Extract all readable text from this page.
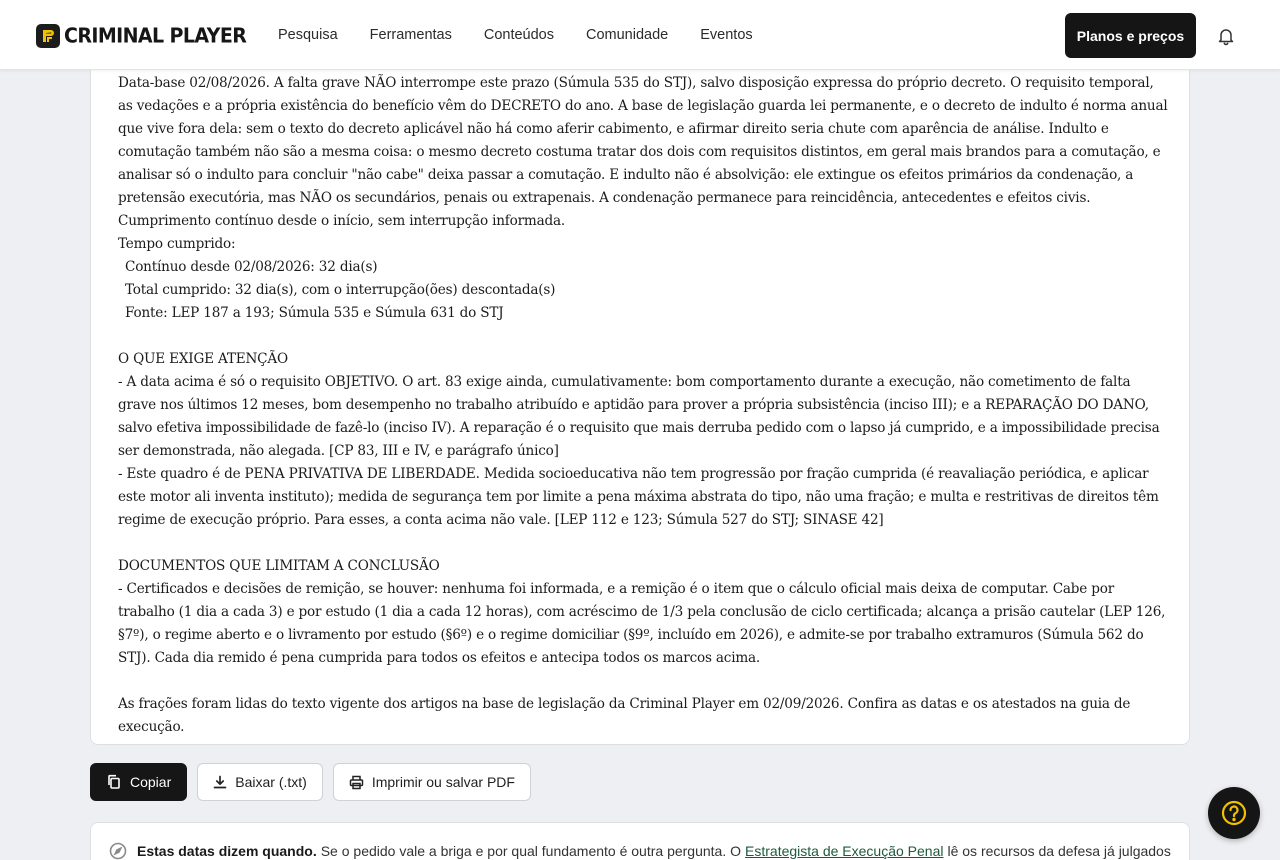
CRIMINAL PLAYER Pesquisa Ferramentas Conteúdos Comunidade Eventos	Planos e preços
Data-base 02/08/2026. A falta grave NÃO interrompe este prazo (Súmula 535 do STJ), salvo disposição expressa do próprio decreto. O requisito temporal, as vedações e a própria existência do benefício vêm do DECRETO do ano. A base de legislação guarda lei permanente, e o decreto de indulto é norma anual que vive fora dela: sem o texto do decreto aplicável não há como aferir cabimento, e afirmar direito seria chute com aparência de análise. Indulto e comutação também não são a mesma coisa: o mesmo decreto costuma tratar dos dois com requisitos distintos, em geral mais brandos para a comutação, e analisar só o indulto para concluir "não cabe" deixa passar a comutação. E indulto não é absolvição: ele extingue os efeitos primários da condenação, a pretensão executória, mas NÃO os secundários, penais ou extrapenais. A condenação permanece para reincidência, antecedentes e efeitos civis.
Cumprimento contínuo desde o início, sem interrupção informada.
Tempo cumprido:
Contínuo desde 02/08/2026: 32 dia(s)
Total cumprido: 32 dia(s), com o interrupção(ões) descontada(s)
Fonte: LEP 187 a 193; Súmula 535 e Súmula 631 do STJ
O QUE EXIGE ATENÇÃO
- A data acima é só o requisito OBJETIVO. O art. 83 exige ainda, cumulativamente: bom comportamento durante a execução, não cometimento de falta grave nos últimos 12 meses, bom desempenho no trabalho atribuído e aptidão para prover a própria subsistência (inciso III); e a REPARAÇÃO DO DANO, salvo efetiva impossibilidade de fazê-lo (inciso IV). A reparação é o requisito que mais derruba pedido com o lapso já cumprido, e a impossibilidade precisa ser demonstrada, não alegada. [CP 83, III e IV, e parágrafo único]
- Este quadro é de PENA PRIVATIVA DE LIBERDADE. Medida socioeducativa não tem progressão por fração cumprida (é reavaliação periódica, e aplicar este motor ali inventa instituto); medida de segurança tem por limite a pena máxima abstrata do tipo, não uma fração; e multa e restritivas de direitos têm regime de execução próprio. Para esses, a conta acima não vale. [LEP 112 e 123; Súmula 527 do STJ; SINASE 42]
DOCUMENTOS QUE LIMITAM A CONCLUSÃO
- Certificados e decisões de remição, se houver: nenhuma foi informada, e a remição é o item que o cálculo oficial mais deixa de computar. Cabe por trabalho (1 dia a cada 3) e por estudo (1 dia a cada 12 horas), com acréscimo de 1/3 pela conclusão de ciclo certificada; alcança a prisão cautelar (LEP 126, §7º), o regime aberto e o livramento por estudo (§6º) e o regime domiciliar (§9º, incluído em 2026), e admite-se por trabalho extramuros (Súmula 562 do STJ). Cada dia remido é pena cumprida para todos os efeitos e antecipa todos os marcos acima.
As frações foram lidas do texto vigente dos artigos na base de legislação da Criminal Player em 02/09/2026. Confira as datas e os atestados na guia de execução.
Copiar	Baixar (.txt)	Imprimir ou salvar PDF
Estas datas dizem quando. Se o pedido vale a briga e por qual fundamento é outra pergunta. O Estrategista de Execução Penal lê os recursos da defesa já julgados
